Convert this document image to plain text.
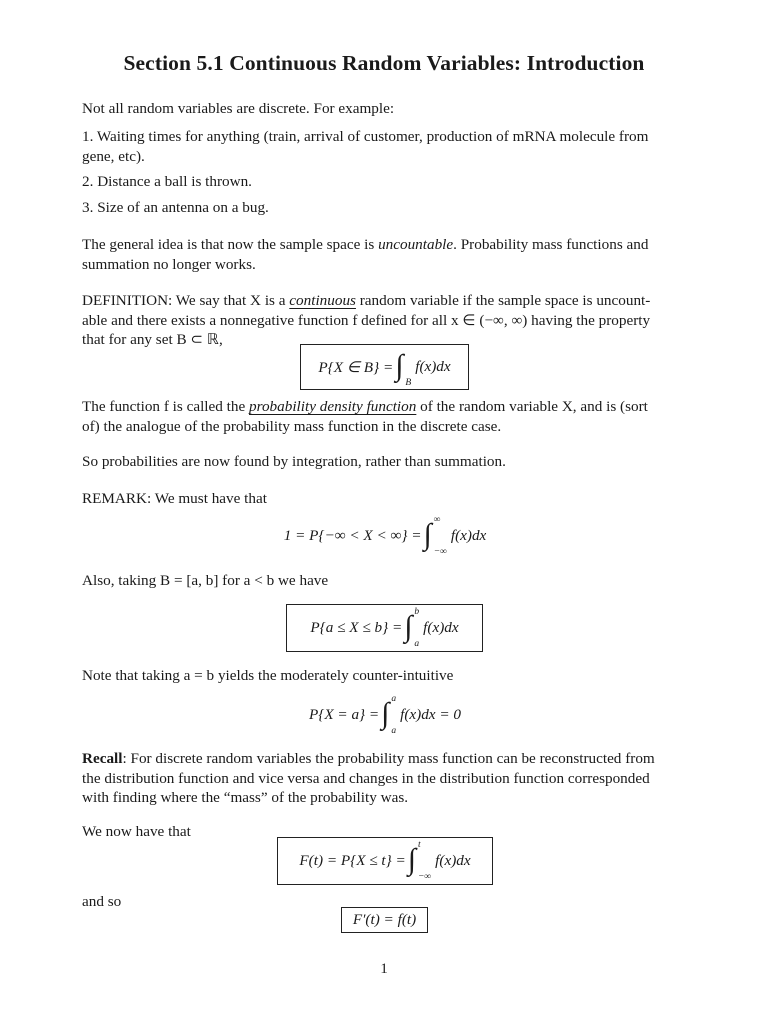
Section 5.1 Continuous Random Variables: Introduction
Not all random variables are discrete. For example:
1. Waiting times for anything (train, arrival of customer, production of mRNA molecule from
gene, etc).
2. Distance a ball is thrown.
3. Size of an antenna on a bug.
The general idea is that now the sample space is uncountable. Probability mass functions and
summation no longer works.
DEFINITION: We say that X is a continuous random variable if the sample space is uncount-
able and there exists a nonnegative function f defined for all x ∈ (−∞, ∞) having the property
that for any set B ⊂ ℝ,
P{X ∈ B} = ∫
B
f(x)dx
The function f is called the probability density function of the random variable X, and is (sort
of) the analogue of the probability mass function in the discrete case.
So probabilities are now found by integration, rather than summation.
REMARK: We must have that
1 = P{−∞ < X < ∞} = ∫ ∞
−∞
f(x)dx
Also, taking B = [a, b] for a < b we have
P{a ≤ X ≤ b} = ∫ b
a
f(x)dx
Note that taking a = b yields the moderately counter-intuitive
P{X = a} = ∫ a
a
f(x)dx = 0
Recall: For discrete random variables the probability mass function can be reconstructed from
the distribution function and vice versa and changes in the distribution function corresponded
with finding where the “mass” of the probability was.
We now have that
F(t) = P{X ≤ t} = ∫ t
−∞
f(x)dx
and so
F′(t) = f(t)
1
